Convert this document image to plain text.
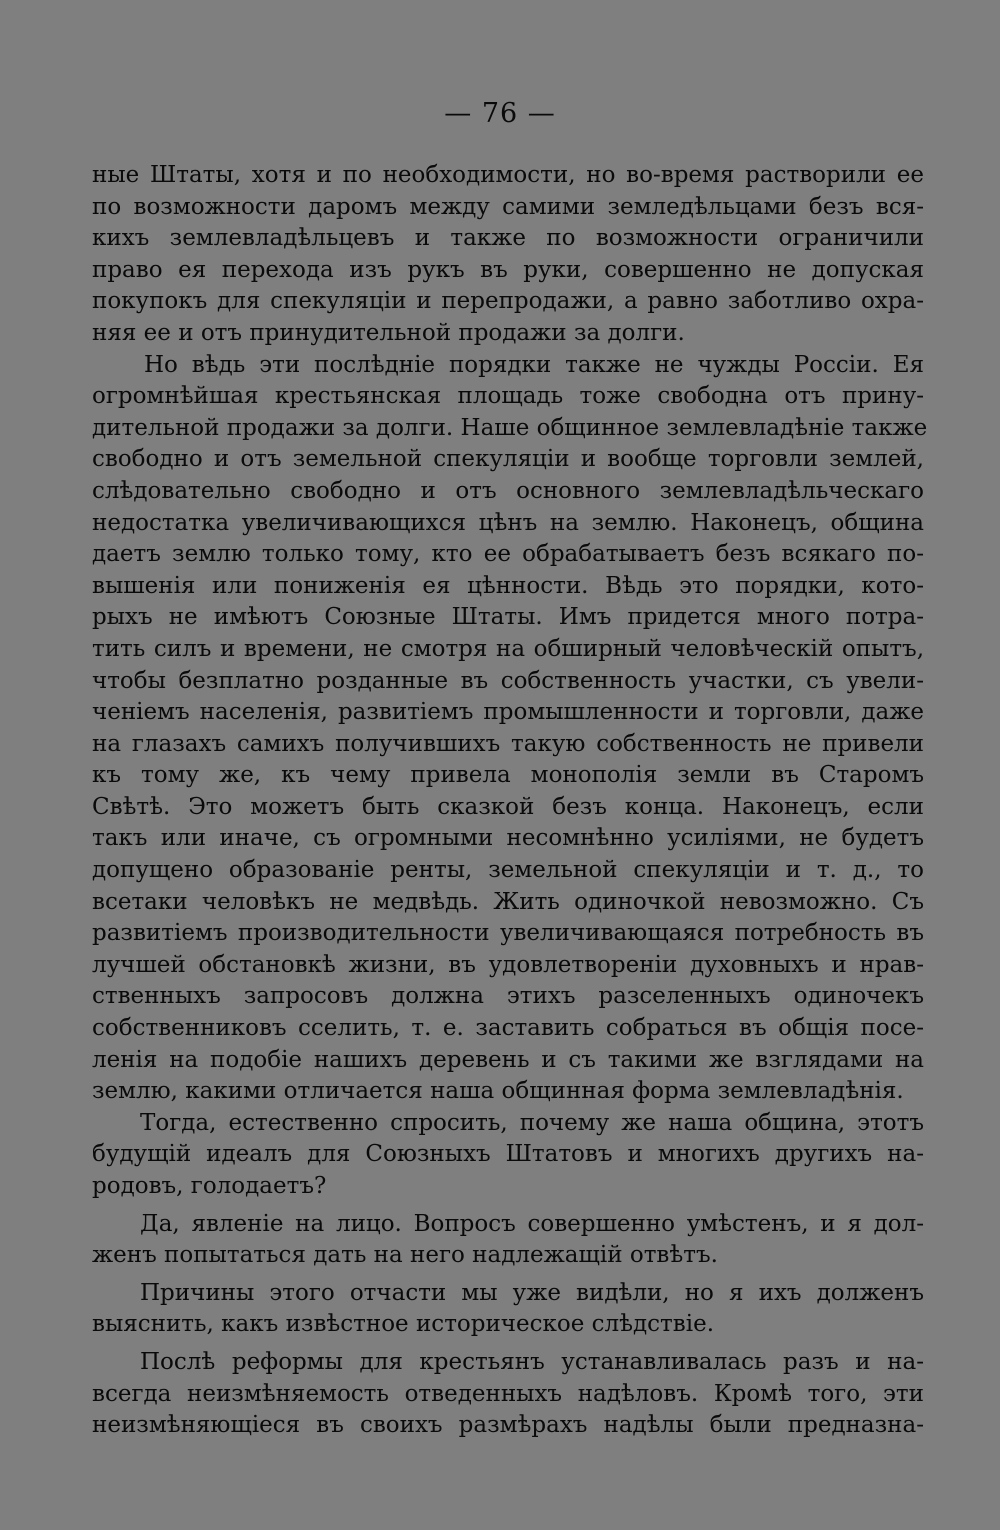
— 76 —
ные Штаты, хотя и по необходимости, но во-время растворили ее
по возможности даромъ между самими земледѣльцами безъ вся-
кихъ землевладѣльцевъ и также по возможности ограничили
право ея перехода изъ рукъ въ руки, совершенно не допуская
покупокъ для спекуляціи и перепродажи, а равно заботливо охра-
няя ее и отъ принудительной продажи за долги.
Но вѣдь эти послѣдніе порядки также не чужды Россіи. Ея
огромнѣйшая крестьянская площадь тоже свободна отъ прину-
дительной продажи за долги. Наше общинное землевладѣніе также
свободно и отъ земельной спекуляціи и вообще торговли землей,
слѣдовательно свободно и отъ основного землевладѣльческаго
недостатка увеличивающихся цѣнъ на землю. Наконецъ, община
даетъ землю только тому, кто ее обрабатываетъ безъ всякаго по-
вышенія или пониженія ея цѣнности. Вѣдь это порядки, кото-
рыхъ не имѣютъ Союзные Штаты. Имъ придется много потра-
тить силъ и времени, не смотря на обширный человѣческій опытъ,
чтобы безплатно розданные въ собственность участки, съ увели-
ченіемъ населенія, развитіемъ промышленности и торговли, даже
на глазахъ самихъ получившихъ такую собственность не привели
къ тому же, къ чему привела монополія земли въ Старомъ
Свѣтѣ. Это можетъ быть сказкой безъ конца. Наконецъ, если
такъ или иначе, съ огромными несомнѣнно усиліями, не будетъ
допущено образованіе ренты, земельной спекуляціи и т. д., то
всетаки человѣкъ не медвѣдь. Жить одиночкой невозможно. Съ
развитіемъ производительности увеличивающаяся потребность въ
лучшей обстановкѣ жизни, въ удовлетвореніи духовныхъ и нрав-
ственныхъ запросовъ должна этихъ разселенныхъ одиночекъ
собственниковъ сселить, т. е. заставить собраться въ общія посе-
ленія на подобіе нашихъ деревень и съ такими же взглядами на
землю, какими отличается наша общинная форма землевладѣнія.
Тогда, естественно спросить, почему же наша община, этотъ
будущій идеалъ для Союзныхъ Штатовъ и многихъ другихъ на-
родовъ, голодаетъ?
Да, явленіе на лицо. Вопросъ совершенно умѣстенъ, и я дол-
женъ попытаться дать на него надлежащій отвѣтъ.
Причины этого отчасти мы уже видѣли, но я ихъ долженъ
выяснить, какъ извѣстное историческое слѣдствіе.
Послѣ реформы для крестьянъ устанавливалась разъ и на-
всегда неизмѣняемость отведенныхъ надѣловъ. Кромѣ того, эти
неизмѣняющіеся въ своихъ размѣрахъ надѣлы были предназна-
